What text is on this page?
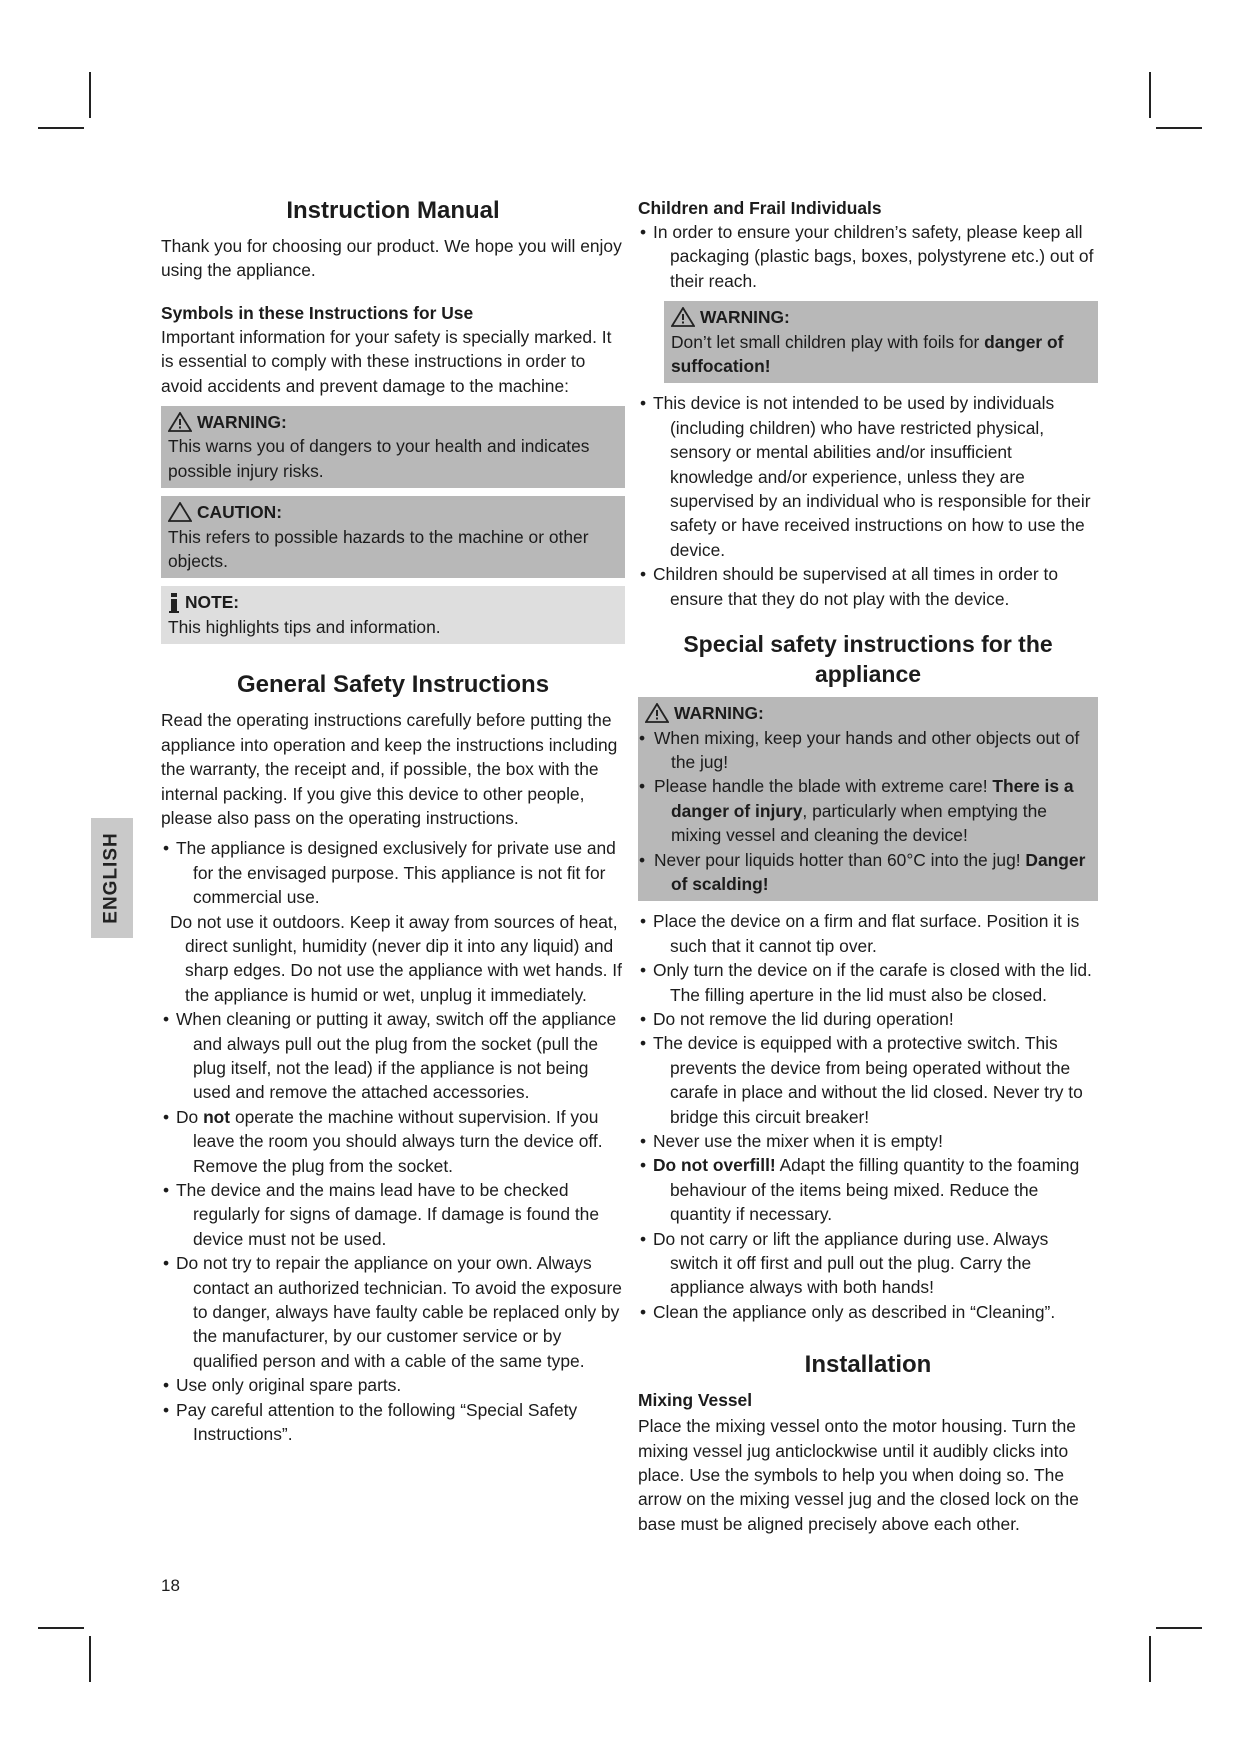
ENGLISH
Instruction Manual

Thank you for choosing our product. We hope you will enjoy using the appliance.

Symbols in these Instructions for Use

Important information for your safety is specially marked. It is essential to comply with these instructions in order to avoid accidents and prevent damage to the machine:

WARNING:

This warns you of dangers to your health and indicates possible injury risks.

CAUTION:

This refers to possible hazards to the machine or other objects.

NOTE:

This highlights tips and information.

General Safety Instructions

Read the operating instructions carefully before putting the appliance into operation and keep the instructions including the warranty, the receipt and, if possible, the box with the internal packing. If you give this device to other people, please also pass on the operating instructions.

• The appliance is designed exclusively for private use and for the envisaged purpose. This appliance is not fit for commercial use.
Do not use it outdoors. Keep it away from sources of heat, direct sunlight, humidity (never dip it into any liquid) and sharp edges. Do not use the appliance with wet hands. If the appliance is humid or wet, unplug it immediately.
• When cleaning or putting it away, switch off the appliance and always pull out the plug from the socket (pull the plug itself, not the lead) if the appliance is not being used and remove the attached accessories.
• Do not operate the machine without supervision. If you leave the room you should always turn the device off. Remove the plug from the socket.
• The device and the mains lead have to be checked regularly for signs of damage. If damage is found the device must not be used.
• Do not try to repair the appliance on your own. Always contact an authorized technician. To avoid the exposure to danger, always have faulty cable be replaced only by the manufacturer, by our customer service or by qualified person and with a cable of the same type.
• Use only original spare parts.
• Pay careful attention to the following “Special Safety Instructions”.
Children and Frail Individuals
• In order to ensure your children’s safety, please keep all packaging (plastic bags, boxes, polystyrene etc.) out of their reach.
WARNING:

Don’t let small children play with foils for danger of suffocation!

• This device is not intended to be used by individuals (including children) who have restricted physical, sensory or mental abilities and/or insufficient knowledge and/or experience, unless they are supervised by an individual who is responsible for their safety or have received instructions on how to use the device.
• Children should be supervised at all times in order to ensure that they do not play with the device.
Special safety instructions for the appliance
WARNING:
• When mixing, keep your hands and other objects out of the jug!
• Please handle the blade with extreme care! There is a danger of injury, particularly when emptying the mixing vessel and cleaning the device!
• Never pour liquids hotter than 60°C into the jug! Danger of scalding!
• Place the device on a firm and flat surface. Position it is such that it cannot tip over.
• Only turn the device on if the carafe is closed with the lid. The filling aperture in the lid must also be closed.
• Do not remove the lid during operation!
• The device is equipped with a protective switch. This prevents the device from being operated without the carafe in place and without the lid closed. Never try to bridge this circuit breaker!
• Never use the mixer when it is empty!
• Do not overfill! Adapt the filling quantity to the foaming behaviour of the items being mixed. Reduce the quantity if necessary.
• Do not carry or lift the appliance during use. Always switch it off first and pull out the plug. Carry the appliance always with both hands!
• Clean the appliance only as described in “Cleaning”.
Installation
Mixing Vessel

Place the mixing vessel onto the motor housing. Turn the mixing vessel jug anticlockwise until it audibly clicks into place. Use the symbols to help you when doing so. The arrow on the mixing vessel jug and the closed lock on the base must be aligned precisely above each other.

18
